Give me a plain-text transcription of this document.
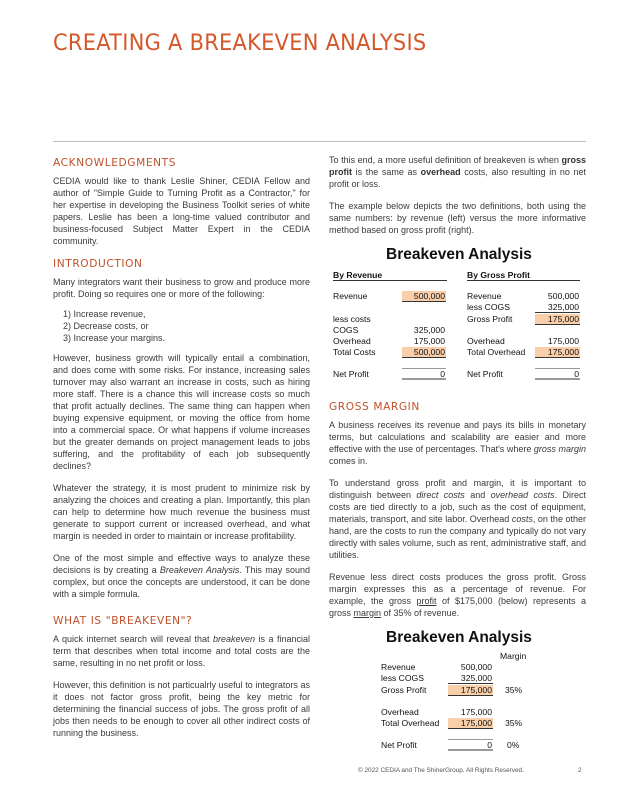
CREATING A BREAKEVEN ANALYSIS
ACKNOWLEDGMENTS

CEDIA would like to thank Leslie Shiner, CEDIA Fellow and author of "Simple Guide to Turning Profit as a Contractor," for her expertise in developing the Business Toolkit series of white papers. Leslie has been a long-time valued contributor and business-focused Subject Matter Expert in the CEDIA community.

INTRODUCTION

Many integrators want their business to grow and produce more profit. Doing so requires one or more of the following:

1) Increase revenue,
2) Decrease costs, or
3) Increase your margins.

However, business growth will typically entail a combination, and does come with some risks. For instance, increasing sales turnover may also warrant an increase in costs, such as hiring more staff. There is a chance this will increase costs so much that profit actually declines. The same thing can happen when buying expensive equipment, or moving the office from home into a commercial space. Or what happens if volume increases but the greater demands on project management leads to jobs suffering, and the profitability of each job subsequently declines?

Whatever the strategy, it is most prudent to minimize risk by analyzing the choices and creating a plan. Importantly, this plan can help to determine how much revenue the business must generate to support current or increased overhead, and what margin is needed in order to maintain or increase profitability.

One of the most simple and effective ways to analyze these decisions is by creating a Breakeven Analysis. This may sound complex, but once the concepts are understood, it can be done with a simple formula.

WHAT IS "BREAKEVEN"?

A quick internet search will reveal that breakeven is a financial term that describes when total income and total costs are the same, resulting in no net profit or loss.

However, this definition is not particualrly useful to integrators as it does not factor gross profit, being the key metric for determining the financial success of jobs. The gross profit of all jobs then needs to be enough to cover all other indirect costs of running the business.

To this end, a more useful definition of breakeven is when gross profit is the same as overhead costs, also resulting in no net profit or loss.

The example below depicts the two definitions, both using the same numbers: by revenue (left) versus the more informative method based on gross profit (right).

Breakeven Analysis
By Revenue	By Gross Profit
Revenue	500,000
less costs
COGS	325,000
Overhead	175,000
Total Costs	500,000
Net Profit	0
Revenue	500,000
less COGS	325,000
Gross Profit	175,000
Overhead	175,000
Total Overhead	175,000
Net Profit	0
GROSS MARGIN

A business receives its revenue and pays its bills in monetary terms, but calculations and scalability are easier and more effective with the use of percentages. That's where gross margin comes in.

To understand gross profit and margin, it is important to distinguish between direct costs and overhead costs. Direct costs are tied directly to a job, such as the cost of equipment, materials, transport, and site labor. Overhead costs, on the other hand, are the costs to run the company and typically do not vary directly with sales volume, such as rent, administrative staff, and utilities.

Revenue less direct costs produces the gross profit. Gross margin expresses this as a percentage of revenue. For example, the gross profit of $175,000 (below) represents a gross margin of 35% of revenue.

Breakeven Analysis
Margin
Revenue	500,000
less COGS	325,000
Gross Profit	175,000 35%
Overhead	175,000
Total Overhead	175,000 35%
Net Profit	0 0%
© 2022 CEDIA and The ShinerGroup. All Rights Reserved.	2
